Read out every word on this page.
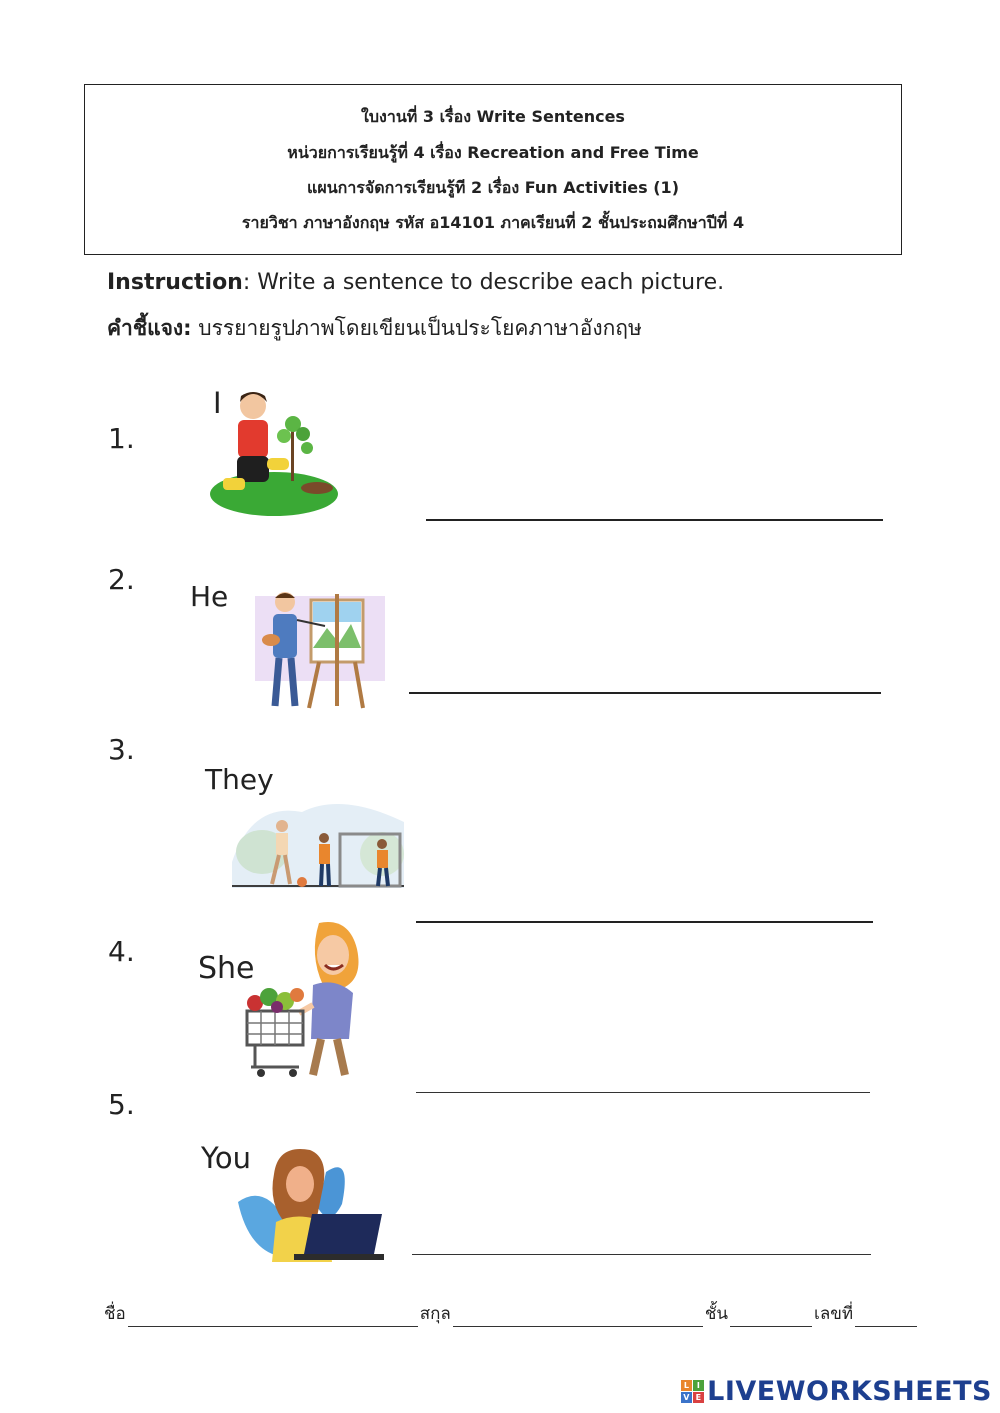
ใบงานที่ 3 เรื่อง Write Sentences
หน่วยการเรียนรู้ที่ 4 เรื่อง Recreation and Free Time
แผนการจัดการเรียนรู้ที 2 เรื่อง Fun Activities (1)
รายวิชา ภาษาอังกฤษ รหัส อ14101 ภาคเรียนที่ 2 ชั้นประถมศึกษาปีที่ 4
Instruction: Write a sentence to describe each picture.
คำชี้แจง: บรรยายรูปภาพโดยเขียนเป็นประโยคภาษาอังกฤษ
1.
I
2.
He
3.
They
4. She
5.
You
ชื่อ	สกุล	ชั้น	เลขที่
L I
V E LIVEWORKSHEETS
